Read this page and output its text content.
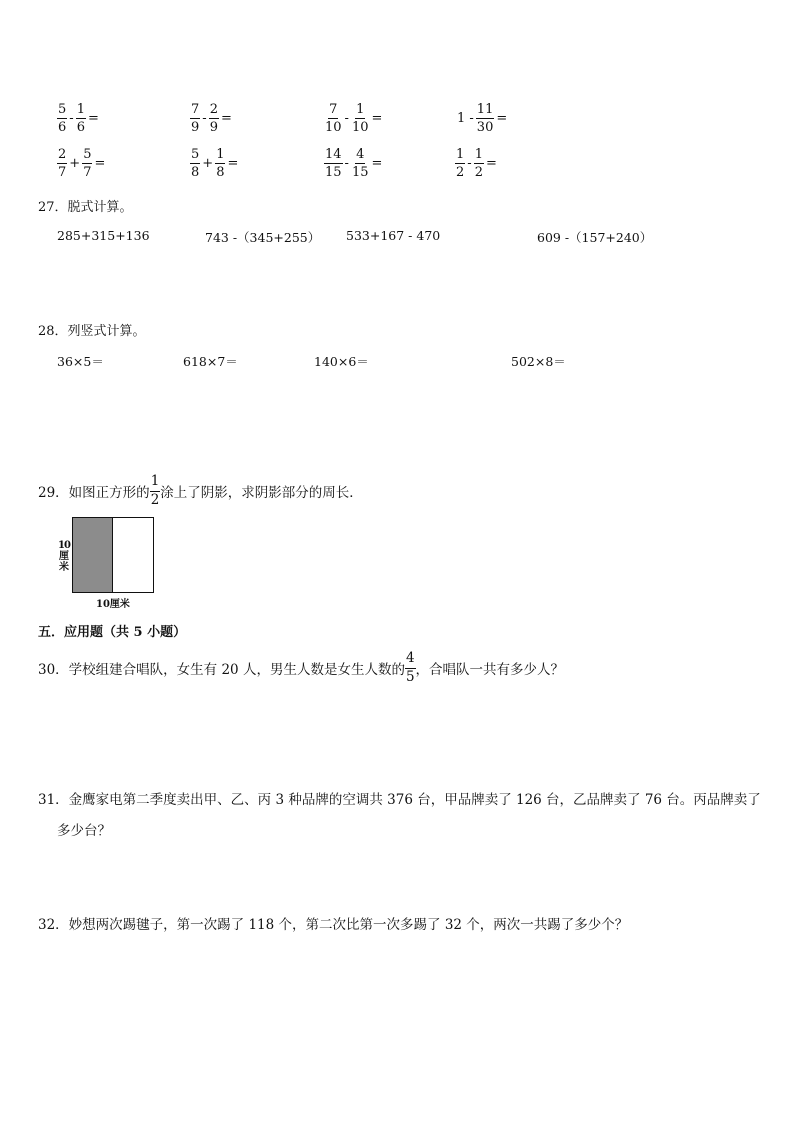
$\frac{5}{6} - \frac{1}{6}$ =	$\frac{7}{9} - \frac{2}{9}$ =	$\frac{7}{10} - \frac{1}{10}$ =	$1 - \frac{11}{30}$ =
$\frac{2}{7} + \frac{5}{7}$ =	$\frac{5}{8} + \frac{1}{8}$ =	$\frac{14}{15} - \frac{4}{15}$ =	$\frac{1}{2} - \frac{1}{2}$ =
27．脱式计算。
285+315+136	743 -（345+255） 533+167 - 470	609 -（157+240）
28．列竖式计算。
36×5＝	618×7＝	140×6＝	502×8＝
29．如图正方形的 $\frac{1}{2}$ 涂上了阴影，求阴影部分的周长．
10
厘
米
10厘米
五．应用题（共 5 小题）
30．学校组建合唱队，女生有 20 人，男生人数是女生人数的 $\frac{4}{5}$ ，合唱队一共有多少人？
31．金鹰家电第二季度卖出甲、乙、丙 3 种品牌的空调共 376 台，甲品牌卖了 126 台，乙品牌卖了 76 台。丙品牌卖了
多少台？
32．妙想两次踢毽子，第一次踢了 118 个，第二次比第一次多踢了 32 个，两次一共踢了多少个？
